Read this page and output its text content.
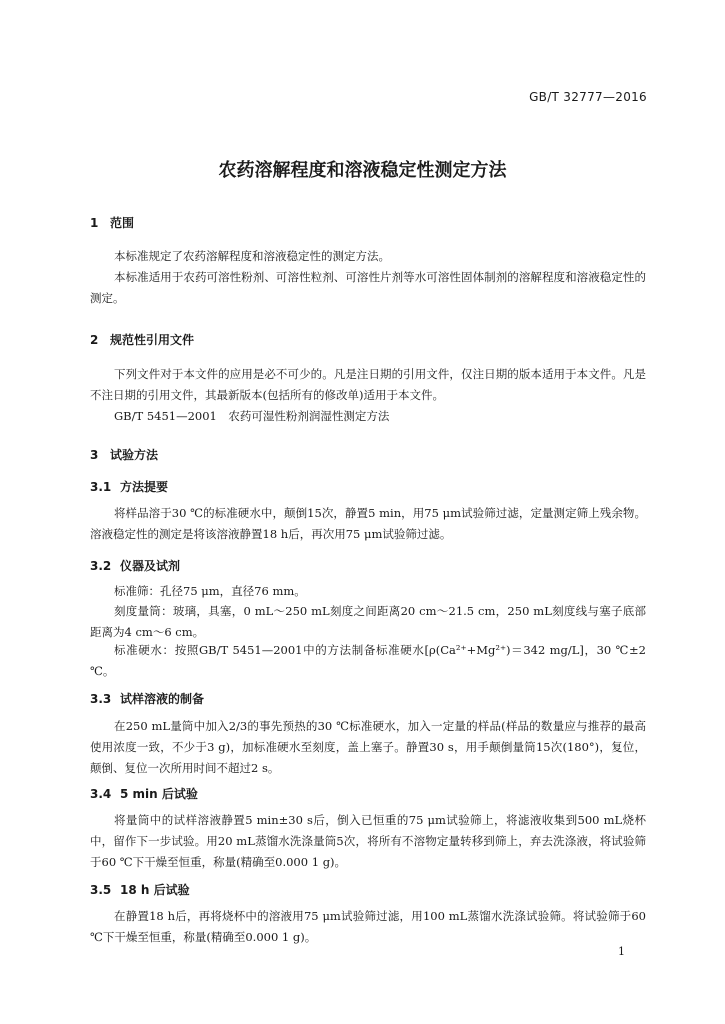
GB/T 32777—2016
农药溶解程度和溶液稳定性测定方法
1 范围

本标准规定了农药溶解程度和溶液稳定性的测定方法。

本标准适用于农药可溶性粉剂、可溶性粒剂、可溶性片剂等水可溶性固体制剂的溶解程度和溶液稳定性的测定。

2 规范性引用文件

下列文件对于本文件的应用是必不可少的。凡是注日期的引用文件，仅注日期的版本适用于本文件。凡是不注日期的引用文件，其最新版本(包括所有的修改单)适用于本文件。

GB/T 5451—2001　农药可湿性粉剂润湿性测定方法

3 试验方法
3.1 方法提要

将样品溶于30 ℃的标准硬水中，颠倒15次，静置5 min，用75 μm试验筛过滤，定量测定筛上残余物。溶液稳定性的测定是将该溶液静置18 h后，再次用75 μm试验筛过滤。

3.2 仪器及试剂

标准筛：孔径75 μm，直径76 mm。

刻度量筒：玻璃，具塞，0 mL～250 mL刻度之间距离20 cm～21.5 cm，250 mL刻度线与塞子底部距离为4 cm～6 cm。

标准硬水：按照GB/T 5451—2001中的方法制备标准硬水[ρ(Ca²⁺+Mg²⁺)＝342 mg/L]，30 ℃±2 ℃。

3.3 试样溶液的制备

在250 mL量筒中加入2/3的事先预热的30 ℃标准硬水，加入一定量的样品(样品的数量应与推荐的最高使用浓度一致，不少于3 g)，加标准硬水至刻度，盖上塞子。静置30 s，用手颠倒量筒15次(180°)，复位，颠倒、复位一次所用时间不超过2 s。

3.4 5 min 后试验

将量筒中的试样溶液静置5 min±30 s后，倒入已恒重的75 μm试验筛上，将滤液收集到500 mL烧杯中，留作下一步试验。用20 mL蒸馏水洗涤量筒5次，将所有不溶物定量转移到筛上，弃去洗涤液，将试验筛于60 ℃下干燥至恒重，称量(精确至0.000 1 g)。

3.5 18 h 后试验

在静置18 h后，再将烧杯中的溶液用75 μm试验筛过滤，用100 mL蒸馏水洗涤试验筛。将试验筛于60 ℃下干燥至恒重，称量(精确至0.000 1 g)。

1
